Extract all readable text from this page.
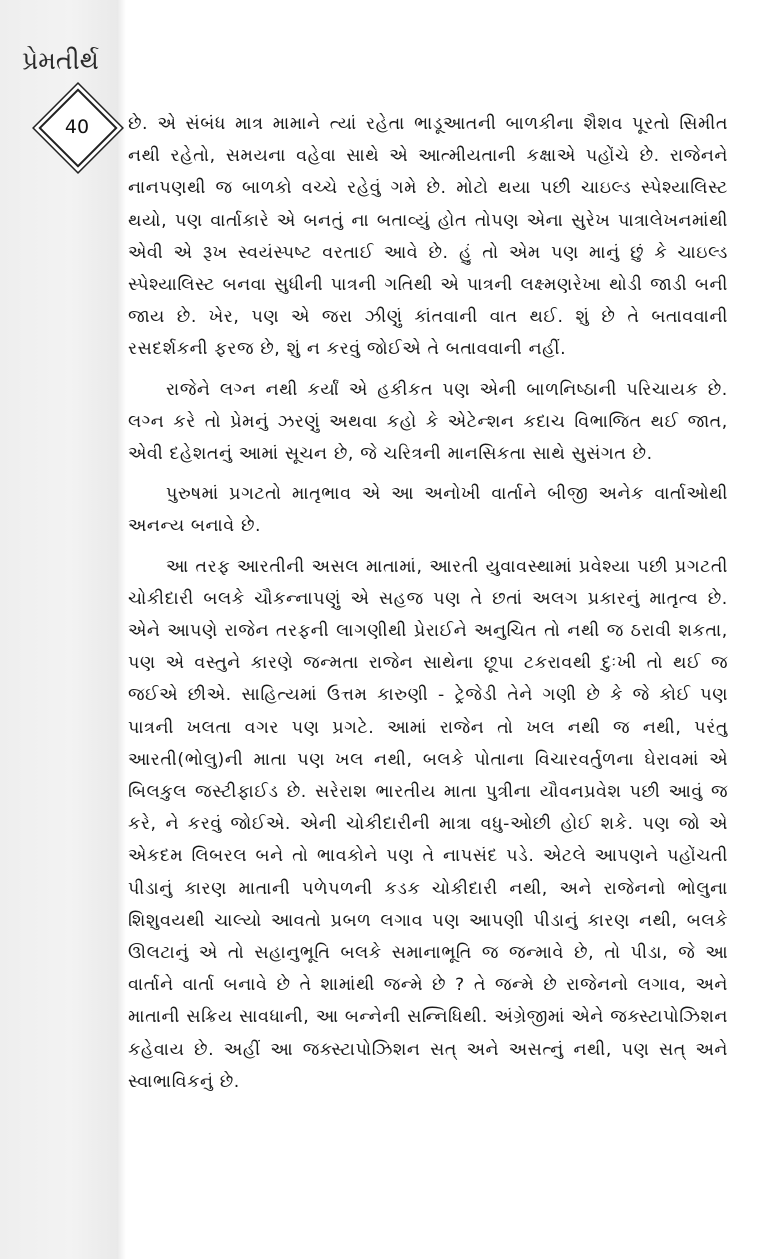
પ્રેમતીર્થ
40	છે. એ સંબંધ માત્ર મામાને ત્યાં રહેતા ભાડૂઆતની બાળકીના શૈશવ પૂરતો સિમીત નથી રહેતો, સમયના વહેવા સાથે એ આત્મીયતાની કક્ષાએ પહોંચે છે. રાજેનને નાનપણથી જ બાળકો વચ્ચે રહેવું ગમે છે. મોટો થયા પછી ચાઇલ્ડ સ્પેશ્યાલિસ્ટ થયો, પણ વાર્તાકારે એ બનતું ના બતાવ્યું હોત તોપણ એના સુરેખ પાત્રાલેખનમાંથી એવી એ રૂખ સ્વયંસ્પષ્ટ વરતાઈ આવે છે. હું તો એમ પણ માનું છું કે ચાઇલ્ડ સ્પેશ્યાલિસ્ટ બનવા સુધીની પાત્રની ગતિથી એ પાત્રની લક્ષ્મણરેખા થોડી જાડી બની જાય છે. ખેર, પણ એ જરા ઝીણું કાંતવાની વાત થઈ. શું છે તે બતાવવાની રસદર્શકની ફરજ છે, શું ન કરવું જોઈએ તે બતાવવાની નહીં.

રાજેને લગ્ન નથી કર્યાં એ હકીકત પણ એની બાળનિષ્ઠાની પરિચાયક છે. લગ્ન કરે તો પ્રેમનું ઝરણું અથવા કહો કે એટેન્શન કદાચ વિભાજિત થઈ જાત, એવી દહેશતનું આમાં સૂચન છે, જે ચરિત્રની માનસિકતા સાથે સુસંગત છે.

પુરુષમાં પ્રગટતો માતૃભાવ એ આ અનોખી વાર્તાને બીજી અનેક વાર્તાઓથી અનન્ય બનાવે છે.

આ તરફ આરતીની અસલ માતામાં, આરતી યુવાવસ્થામાં પ્રવેશ્યા પછી પ્રગટતી ચોકીદારી બલકે ચૌકન્નાપણું એ સહજ પણ તે છતાં અલગ પ્રકારનું માતૃત્વ છે. એને આપણે રાજેન તરફની લાગણીથી પ્રેરાઈને અનુચિત તો નથી જ ઠરાવી શકતા, પણ એ વસ્તુને કારણે જન્મતા રાજેન સાથેના છૂપા ટકરાવથી દુઃખી તો થઈ જ જઈએ છીએ. સાહિત્યમાં ઉત્તમ કારુણી - ટ્રેજેડી તેને ગણી છે કે જે કોઈ પણ પાત્રની ખલતા વગર પણ પ્રગટે. આમાં રાજેન તો ખલ નથી જ નથી, પરંતુ આરતી(ભોલુ)ની માતા પણ ખલ નથી, બલકે પોતાના વિચારવર્તુળના ઘેરાવમાં એ બિલકુલ જસ્ટીફાઈડ છે. સરેરાશ ભારતીય માતા પુત્રીના યૌવનપ્રવેશ પછી આવું જ કરે, ને કરવું જોઈએ. એની ચોકીદારીની માત્રા વધુ-ઓછી હોઈ શકે. પણ જો એ એકદમ લિબરલ બને તો ભાવકોને પણ તે નાપસંદ પડે. એટલે આપણને પહોંચતી પીડાનું કારણ માતાની પળેપળની કડક ચોકીદારી નથી, અને રાજેનનો ભોલુના શિશુવયથી ચાલ્યો આવતો પ્રબળ લગાવ પણ આપણી પીડાનું કારણ નથી, બલકે ઊલટાનું એ તો સહાનુભૂતિ બલકે સમાનાભૂતિ જ જન્માવે છે, તો પીડા, જે આ વાર્તાને વાર્તા બનાવે છે તે શામાંથી જન્મે છે ? તે જન્મે છે રાજેનનો લગાવ, અને માતાની સક્રિય સાવધાની, આ બન્નેની સન્નિધિથી. અંગ્રેજીમાં એને જક્સ્ટાપોઝિશન કહેવાય છે. અહીં આ જક્સ્ટાપોઝિશન સત્ અને અસત્નું નથી, પણ સત્ અને સ્વાભાવિકનું છે.
